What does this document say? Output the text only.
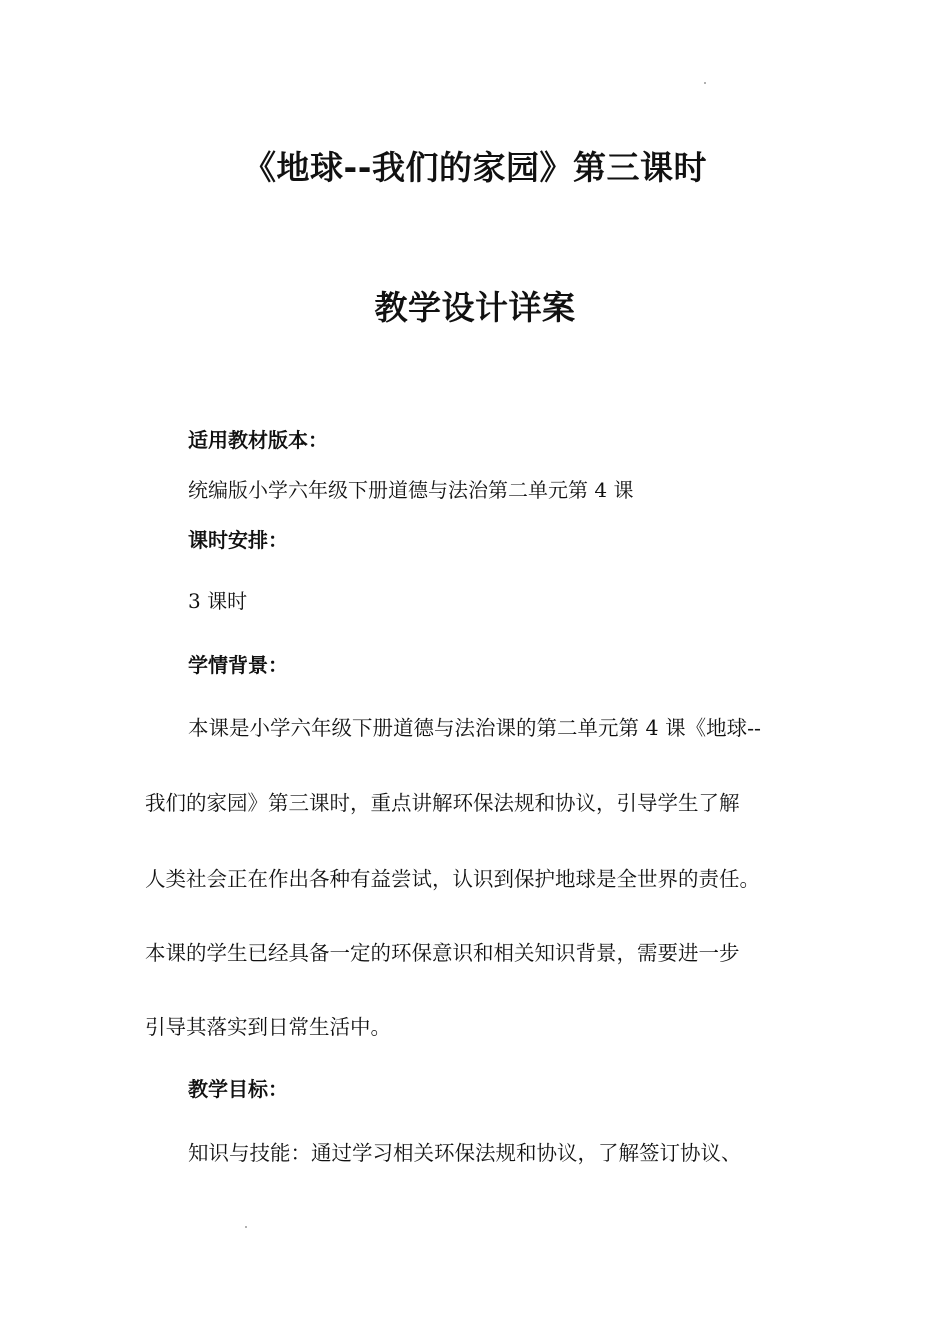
《地球--我们的家园》第三课时
教学设计详案
适用教材版本：
统编版小学六年级下册道德与法治第二单元第 4 课
课时安排：
3 课时
学情背景：
本课是小学六年级下册道德与法治课的第二单元第 4 课《地球--
我们的家园》第三课时，重点讲解环保法规和协议，引导学生了解
人类社会正在作出各种有益尝试，认识到保护地球是全世界的责任。
本课的学生已经具备一定的环保意识和相关知识背景，需要进一步
引导其落实到日常生活中。
教学目标：
知识与技能：通过学习相关环保法规和协议，了解签订协议、
